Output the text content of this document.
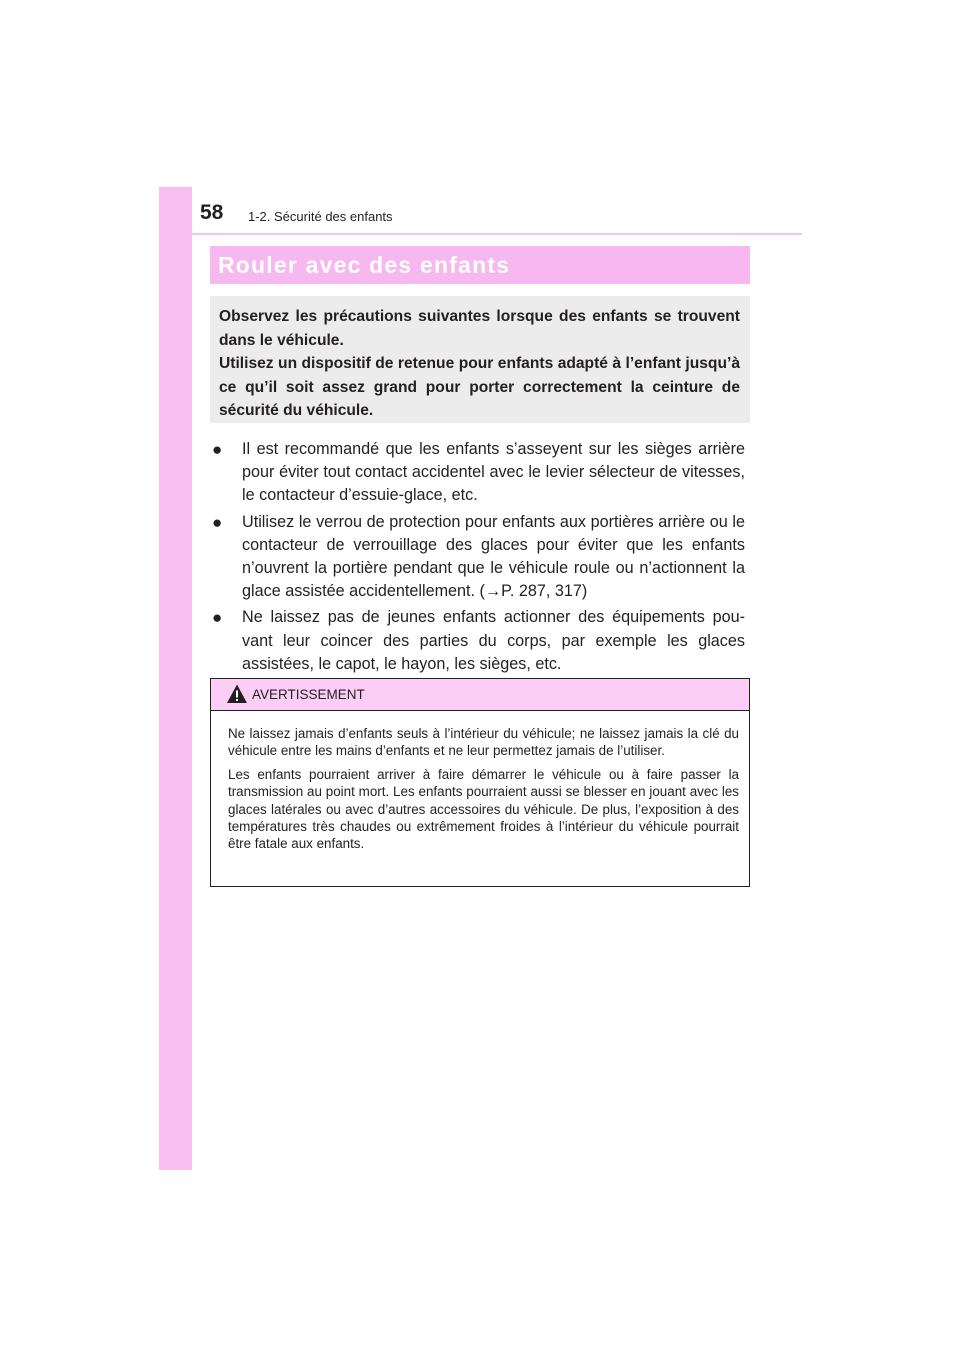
58 1-2. Sécurité des enfants
Rouler avec des enfants

Observez les précautions suivantes lorsque des enfants se trouvent dans le véhicule.
Utilisez un dispositif de retenue pour enfants adapté à l’enfant jusqu’à ce qu’il soit assez grand pour porter correctement la ceinture de sécurité du véhicule.

● Il est recommandé que les enfants s’asseyent sur les sièges arrière pour éviter tout contact accidentel avec le levier sélecteur de vitesses, le contacteur d’essuie-glace, etc.
● Utilisez le verrou de protection pour enfants aux portières arrière ou le contacteur de verrouillage des glaces pour éviter que les enfants n’ouvrent la portière pendant que le véhicule roule ou n’actionnent la glace assistée accidentellement. (→P. 287, 317)
● Ne laissez pas de jeunes enfants actionner des équipements pou-vant leur coincer des parties du corps, par exemple les glaces assistées, le capot, le hayon, les sièges, etc.
AVERTISSEMENT

Ne laissez jamais d’enfants seuls à l’intérieur du véhicule; ne laissez jamais la clé du véhicule entre les mains d’enfants et ne leur permettez jamais de l’utiliser.

Les enfants pourraient arriver à faire démarrer le véhicule ou à faire passer la transmission au point mort. Les enfants pourraient aussi se blesser en jouant avec les glaces latérales ou avec d’autres accessoires du véhicule. De plus, l’exposition à des températures très chaudes ou extrêmement froides à l’intérieur du véhicule pourrait être fatale aux enfants.
